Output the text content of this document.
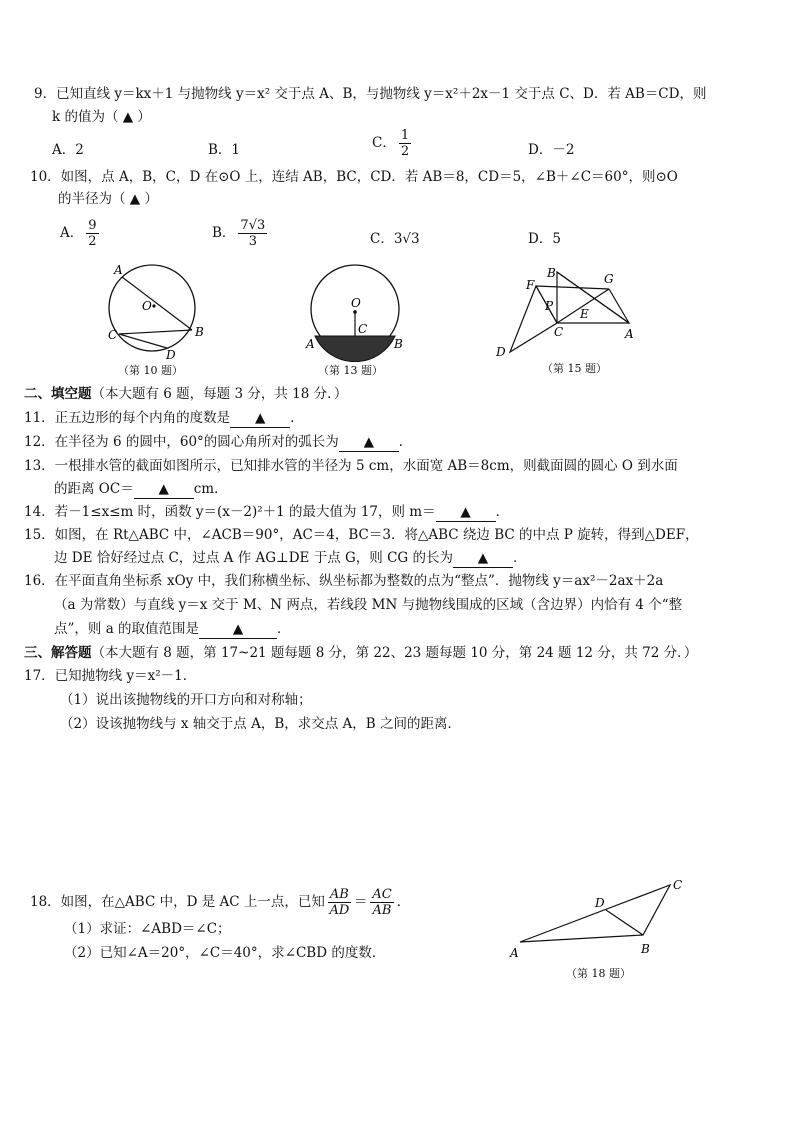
9．已知直线 y＝kx＋1 与抛物线 y＝x² 交于点 A、B，与抛物线 y＝x²＋2x－1 交于点 C、D．若 AB＝CD，则
k 的值为（ ▲ ）
A．2	B．1	C． $\frac{1}{2}$	D．－2
10．如图，点 A，B，C，D 在⊙O 上，连结 AB，BC，CD．若 AB＝8，CD＝5，∠B＋∠C＝60°，则⊙O
的半径为（ ▲ ）
A． $\frac{9}{2}$	B． $\frac{7√3}{3}$	C．3√3	D．5
A
O
C	B
D
（第 10 题）
O
C
A	B
（第 13 题）
B	G
F
P
E
C	A
D
（第 15 题）
二、填空题（本大题有 6 题，每题 3 分，共 18 分．）
11．正五边形的每个内角的度数是 ▲ ．
12．在半径为 6 的圆中，60°的圆心角所对的弧长为 ▲ ．
13．一根排水管的截面如图所示，已知排水管的半径为 5 cm，水面宽 AB＝8cm，则截面圆的圆心 O 到水面
的距离 OC＝ ▲ cm．
14．若－1≤x≤m 时，函数 y＝(x－2)²＋1 的最大值为 17，则 m＝ ▲ ．
15．如图，在 Rt△ABC 中，∠ACB＝90°，AC＝4，BC＝3．将△ABC 绕边 BC 的中点 P 旋转，得到△DEF，
边 DE 恰好经过点 C，过点 A 作 AG⊥DE 于点 G，则 CG 的长为 ▲ ．
16．在平面直角坐标系 xOy 中，我们称横坐标、纵坐标都为整数的点为“整点”．抛物线 y＝ax²－2ax＋2a
（a 为常数）与直线 y＝x 交于 M、N 两点，若线段 MN 与抛物线围成的区域（含边界）内恰有 4 个“整
点”，则 a 的取值范围是	▲	．
三、解答题（本大题有 8 题，第 17~21 题每题 8 分，第 22、23 题每题 10 分，第 24 题 12 分，共 72 分．）
17．已知抛物线 y＝x²－1．
（1）说出该抛物线的开口方向和对称轴；
（2）设该抛物线与 x 轴交于点 A，B，求交点 A，B 之间的距离．
18．如图，在△ABC 中，D 是 AC 上一点，已知 $\frac{AB}{AD} = \frac{AC}{AB}$ ．
（1）求证：∠ABD＝∠C；
（2）已知∠A＝20°，∠C＝40°，求∠CBD 的度数．
C
D
A	B
（第 18 题）
